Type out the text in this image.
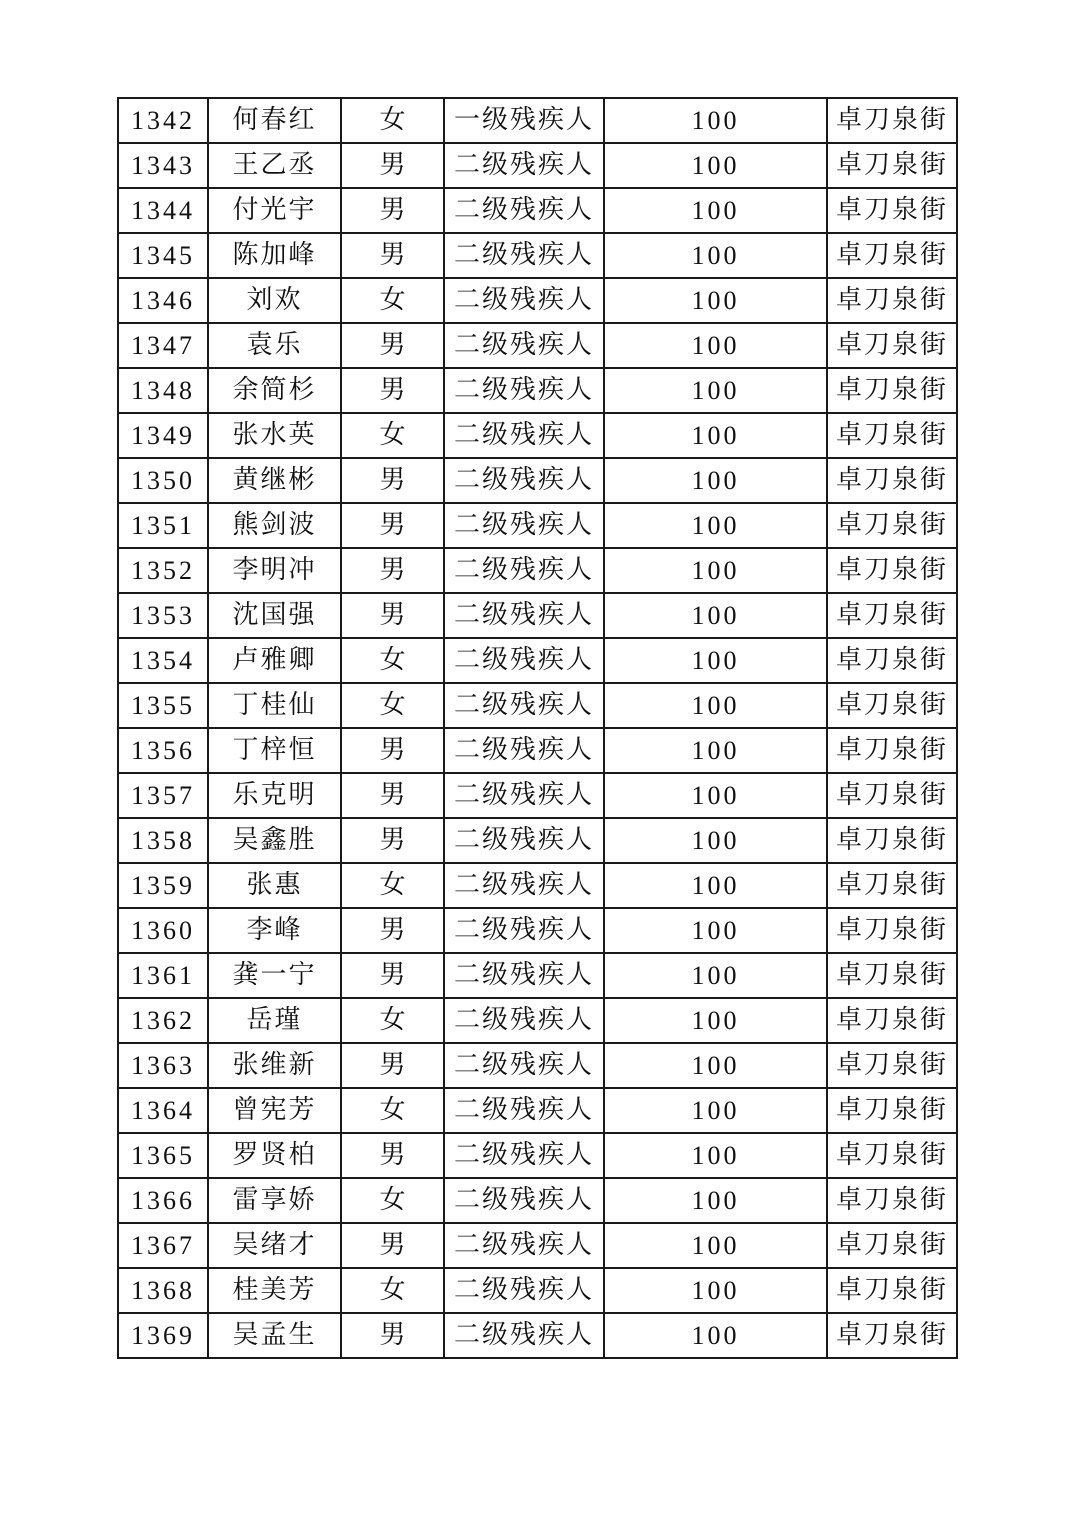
1342	何春红	女	一级残疾人	100	卓刀泉街
1343	王乙丞	男	二级残疾人	100	卓刀泉街
1344	付光宇	男	二级残疾人	100	卓刀泉街
1345	陈加峰	男	二级残疾人	100	卓刀泉街
1346	刘欢	女	二级残疾人	100	卓刀泉街
1347	袁乐	男	二级残疾人	100	卓刀泉街
1348	余简杉	男	二级残疾人	100	卓刀泉街
1349	张水英	女	二级残疾人	100	卓刀泉街
1350	黄继彬	男	二级残疾人	100	卓刀泉街
1351	熊剑波	男	二级残疾人	100	卓刀泉街
1352	李明冲	男	二级残疾人	100	卓刀泉街
1353	沈国强	男	二级残疾人	100	卓刀泉街
1354	卢雅卿	女	二级残疾人	100	卓刀泉街
1355	丁桂仙	女	二级残疾人	100	卓刀泉街
1356	丁梓恒	男	二级残疾人	100	卓刀泉街
1357	乐克明	男	二级残疾人	100	卓刀泉街
1358	吴鑫胜	男	二级残疾人	100	卓刀泉街
1359	张惠	女	二级残疾人	100	卓刀泉街
1360	李峰	男	二级残疾人	100	卓刀泉街
1361	龚一宁	男	二级残疾人	100	卓刀泉街
1362	岳瑾	女	二级残疾人	100	卓刀泉街
1363	张维新	男	二级残疾人	100	卓刀泉街
1364	曾宪芳	女	二级残疾人	100	卓刀泉街
1365	罗贤柏	男	二级残疾人	100	卓刀泉街
1366	雷享娇	女	二级残疾人	100	卓刀泉街
1367	吴绪才	男	二级残疾人	100	卓刀泉街
1368	桂美芳	女	二级残疾人	100	卓刀泉街
1369	吴孟生	男	二级残疾人	100	卓刀泉街
